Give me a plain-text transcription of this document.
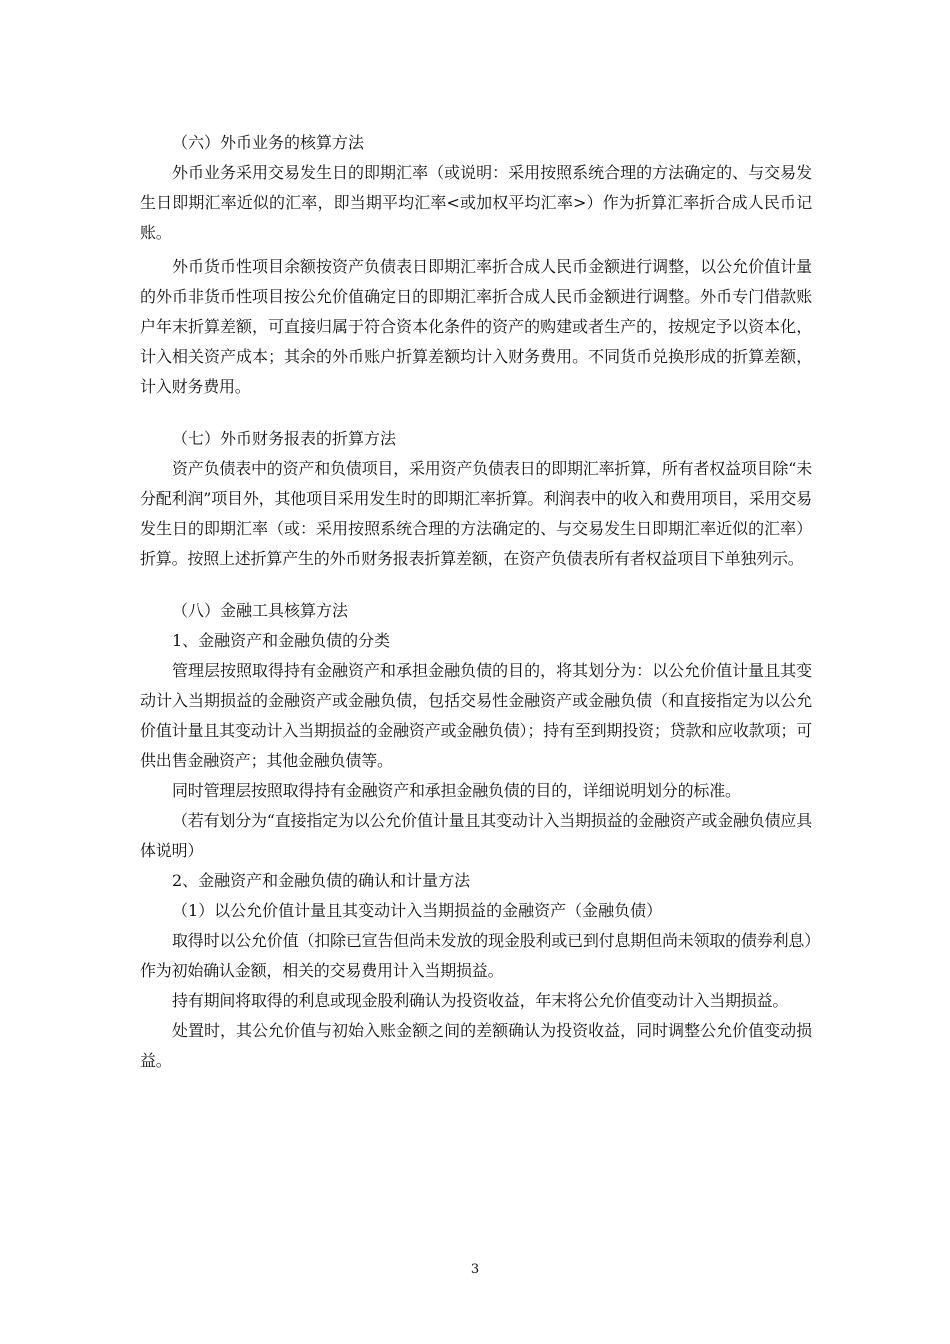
（六）外币业务的核算方法

外币业务采用交易发生日的即期汇率（或说明：采用按照系统合理的方法确定的、与交易发生日即期汇率近似的汇率，即当期平均汇率<或加权平均汇率>）作为折算汇率折合成人民币记账。

外币货币性项目余额按资产负债表日即期汇率折合成人民币金额进行调整，以公允价值计量的外币非货币性项目按公允价值确定日的即期汇率折合成人民币金额进行调整。外币专门借款账户年末折算差额，可直接归属于符合资本化条件的资产的购建或者生产的，按规定予以资本化，计入相关资产成本；其余的外币账户折算差额均计入财务费用。不同货币兑换形成的折算差额，计入财务费用。

（七）外币财务报表的折算方法

资产负债表中的资产和负债项目，采用资产负债表日的即期汇率折算，所有者权益项目除“未分配利润”项目外，其他项目采用发生时的即期汇率折算。利润表中的收入和费用项目，采用交易发生日的即期汇率（或：采用按照系统合理的方法确定的、与交易发生日即期汇率近似的汇率）折算。按照上述折算产生的外币财务报表折算差额，在资产负债表所有者权益项目下单独列示。

（八）金融工具核算方法

1、金融资产和金融负债的分类

管理层按照取得持有金融资产和承担金融负债的目的，将其划分为：以公允价值计量且其变动计入当期损益的金融资产或金融负债，包括交易性金融资产或金融负债（和直接指定为以公允价值计量且其变动计入当期损益的金融资产或金融负债）；持有至到期投资；贷款和应收款项；可供出售金融资产；其他金融负债等。

同时管理层按照取得持有金融资产和承担金融负债的目的，详细说明划分的标准。

（若有划分为“直接指定为以公允价值计量且其变动计入当期损益的金融资产或金融负债应具体说明）

2、金融资产和金融负债的确认和计量方法

（1）以公允价值计量且其变动计入当期损益的金融资产（金融负债）

取得时以公允价值（扣除已宣告但尚未发放的现金股利或已到付息期但尚未领取的债券利息）作为初始确认金额，相关的交易费用计入当期损益。

持有期间将取得的利息或现金股利确认为投资收益，年末将公允价值变动计入当期损益。

处置时，其公允价值与初始入账金额之间的差额确认为投资收益，同时调整公允价值变动损益。

3
